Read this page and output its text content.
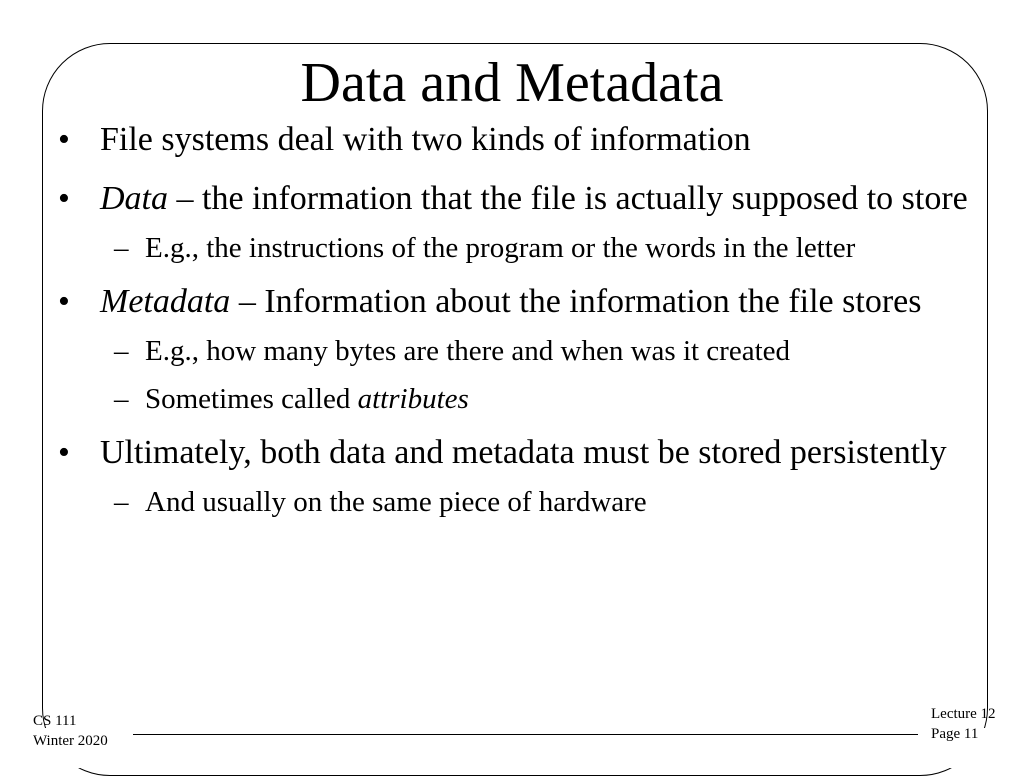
Data and Metadata
• File systems deal with two kinds of information
• Data – the information that the file is actually supposed to store
– E.g., the instructions of the program or the words in the letter
• Metadata – Information about the information the file stores
– E.g., how many bytes are there and when was it created
– Sometimes called attributes
• Ultimately, both data and metadata must be stored persistently
– And usually on the same piece of hardware
CS 111
Winter 2020
Lecture 12
Page 11
